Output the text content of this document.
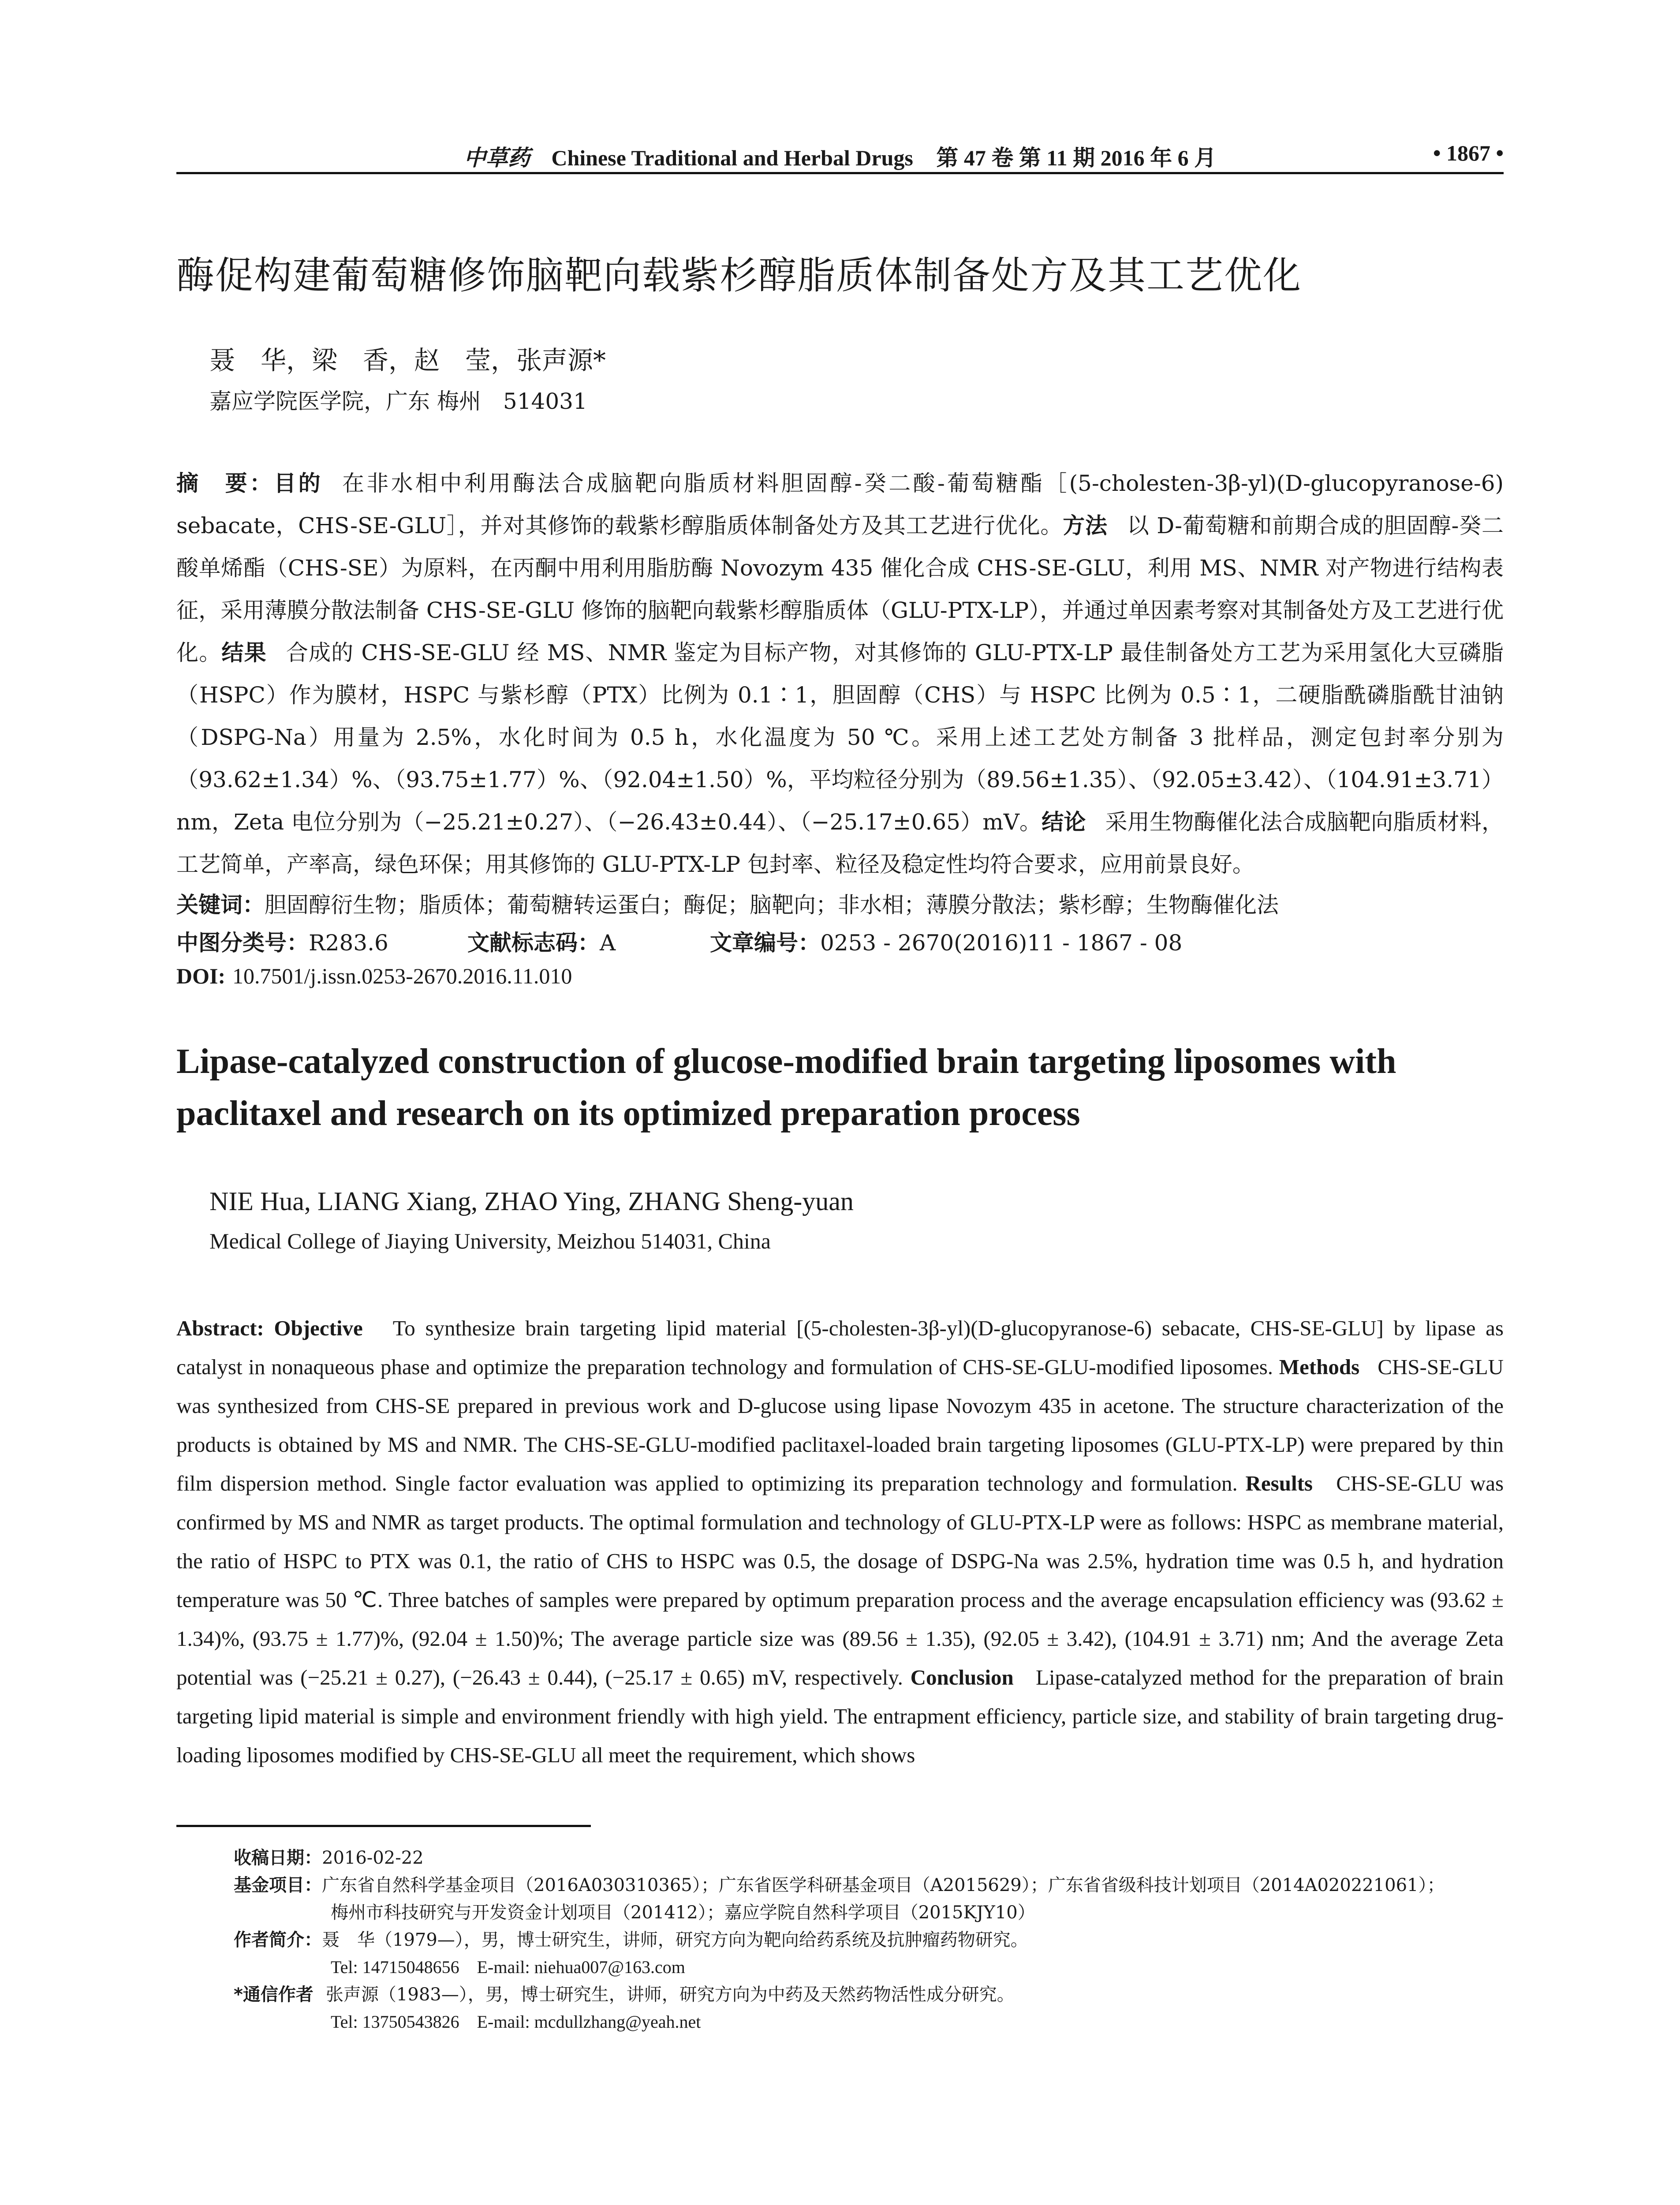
中草药 Chinese Traditional and Herbal Drugs 第 47 卷 第 11 期 2016 年 6 月	• 1867 •
酶促构建葡萄糖修饰脑靶向载紫杉醇脂质体制备处方及其工艺优化
聂　华，梁　香，赵　莹，张声源*
嘉应学院医学院，广东 梅州　514031
摘　要：目的 在非水相中利用酶法合成脑靶向脂质材料胆固醇-癸二酸-葡萄糖酯［(5-cholesten-3β-yl)(D-glucopyranose-6) sebacate，CHS-SE-GLU］，并对其修饰的载紫杉醇脂质体制备处方及其工艺进行优化。方法 以 D-葡萄糖和前期合成的胆固醇-癸二酸单烯酯（CHS-SE）为原料，在丙酮中用利用脂肪酶 Novozym 435 催化合成 CHS-SE-GLU，利用 MS、NMR 对产物进行结构表征，采用薄膜分散法制备 CHS-SE-GLU 修饰的脑靶向载紫杉醇脂质体（GLU-PTX-LP），并通过单因素考察对其制备处方及工艺进行优化。结果 合成的 CHS-SE-GLU 经 MS、NMR 鉴定为目标产物，对其修饰的 GLU-PTX-LP 最佳制备处方工艺为采用氢化大豆磷脂（HSPC）作为膜材，HSPC 与紫杉醇（PTX）比例为 0.1∶1，胆固醇（CHS）与 HSPC 比例为 0.5∶1，二硬脂酰磷脂酰甘油钠（DSPG-Na）用量为 2.5%，水化时间为 0.5 h，水化温度为 50 ℃。采用上述工艺处方制备 3 批样品，测定包封率分别为（93.62±1.34）%、（93.75±1.77）%、（92.04±1.50）%，平均粒径分别为（89.56±1.35）、（92.05±3.42）、（104.91±3.71）nm，Zeta 电位分别为（−25.21±0.27）、（−26.43±0.44）、（−25.17±0.65）mV。结论 采用生物酶催化法合成脑靶向脂质材料，工艺简单，产率高，绿色环保；用其修饰的 GLU-PTX-LP 包封率、粒径及稳定性均符合要求，应用前景良好。
关键词：胆固醇衍生物；脂质体；葡萄糖转运蛋白；酶促；脑靶向；非水相；薄膜分散法；紫杉醇；生物酶催化法
中图分类号：R283.6	文献标志码：A	文章编号：0253 - 2670(2016)11 - 1867 - 08
DOI: 10.7501/j.issn.0253-2670.2016.11.010
Lipase-catalyzed construction of glucose-modified brain targeting liposomes with paclitaxel and research on its optimized preparation process
NIE Hua, LIANG Xiang, ZHAO Ying, ZHANG Sheng-yuan
Medical College of Jiaying University, Meizhou 514031, China
Abstract: Objective To synthesize brain targeting lipid material [(5-cholesten-3β-yl)(D-glucopyranose-6) sebacate, CHS-SE-GLU] by lipase as catalyst in nonaqueous phase and optimize the preparation technology and formulation of CHS-SE-GLU-modified liposomes. Methods CHS-SE-GLU was synthesized from CHS-SE prepared in previous work and D-glucose using lipase Novozym 435 in acetone. The structure characterization of the products is obtained by MS and NMR. The CHS-SE-GLU-modified paclitaxel-loaded brain targeting liposomes (GLU-PTX-LP) were prepared by thin film dispersion method. Single factor evaluation was applied to optimizing its preparation technology and formulation. Results CHS-SE-GLU was confirmed by MS and NMR as target products. The optimal formulation and technology of GLU-PTX-LP were as follows: HSPC as membrane material, the ratio of HSPC to PTX was 0.1, the ratio of CHS to HSPC was 0.5, the dosage of DSPG-Na was 2.5%, hydration time was 0.5 h, and hydration temperature was 50 ℃. Three batches of samples were prepared by optimum preparation process and the average encapsulation efficiency was (93.62 ± 1.34)%, (93.75 ± 1.77)%, (92.04 ± 1.50)%; The average particle size was (89.56 ± 1.35), (92.05 ± 3.42), (104.91 ± 3.71) nm; And the average Zeta potential was (−25.21 ± 0.27), (−26.43 ± 0.44), (−25.17 ± 0.65) mV, respectively. Conclusion Lipase-catalyzed method for the preparation of brain targeting lipid material is simple and environment friendly with high yield. The entrapment efficiency, particle size, and stability of brain targeting drug-loading liposomes modified by CHS-SE-GLU all meet the requirement, which shows
收稿日期：2016-02-22
基金项目：广东省自然科学基金项目（2016A030310365）；广东省医学科研基金项目（A2015629）；广东省省级科技计划项目（2014A020221061）；
梅州市科技研究与开发资金计划项目（201412）；嘉应学院自然科学项目（2015KJY10）
作者简介：聂　华（1979—），男，博士研究生，讲师，研究方向为靶向给药系统及抗肿瘤药物研究。
Tel: 14715048656　E-mail: niehua007@163.com
*通信作者 张声源（1983—），男，博士研究生，讲师，研究方向为中药及天然药物活性成分研究。
Tel: 13750543826　E-mail: mcdullzhang@yeah.net
